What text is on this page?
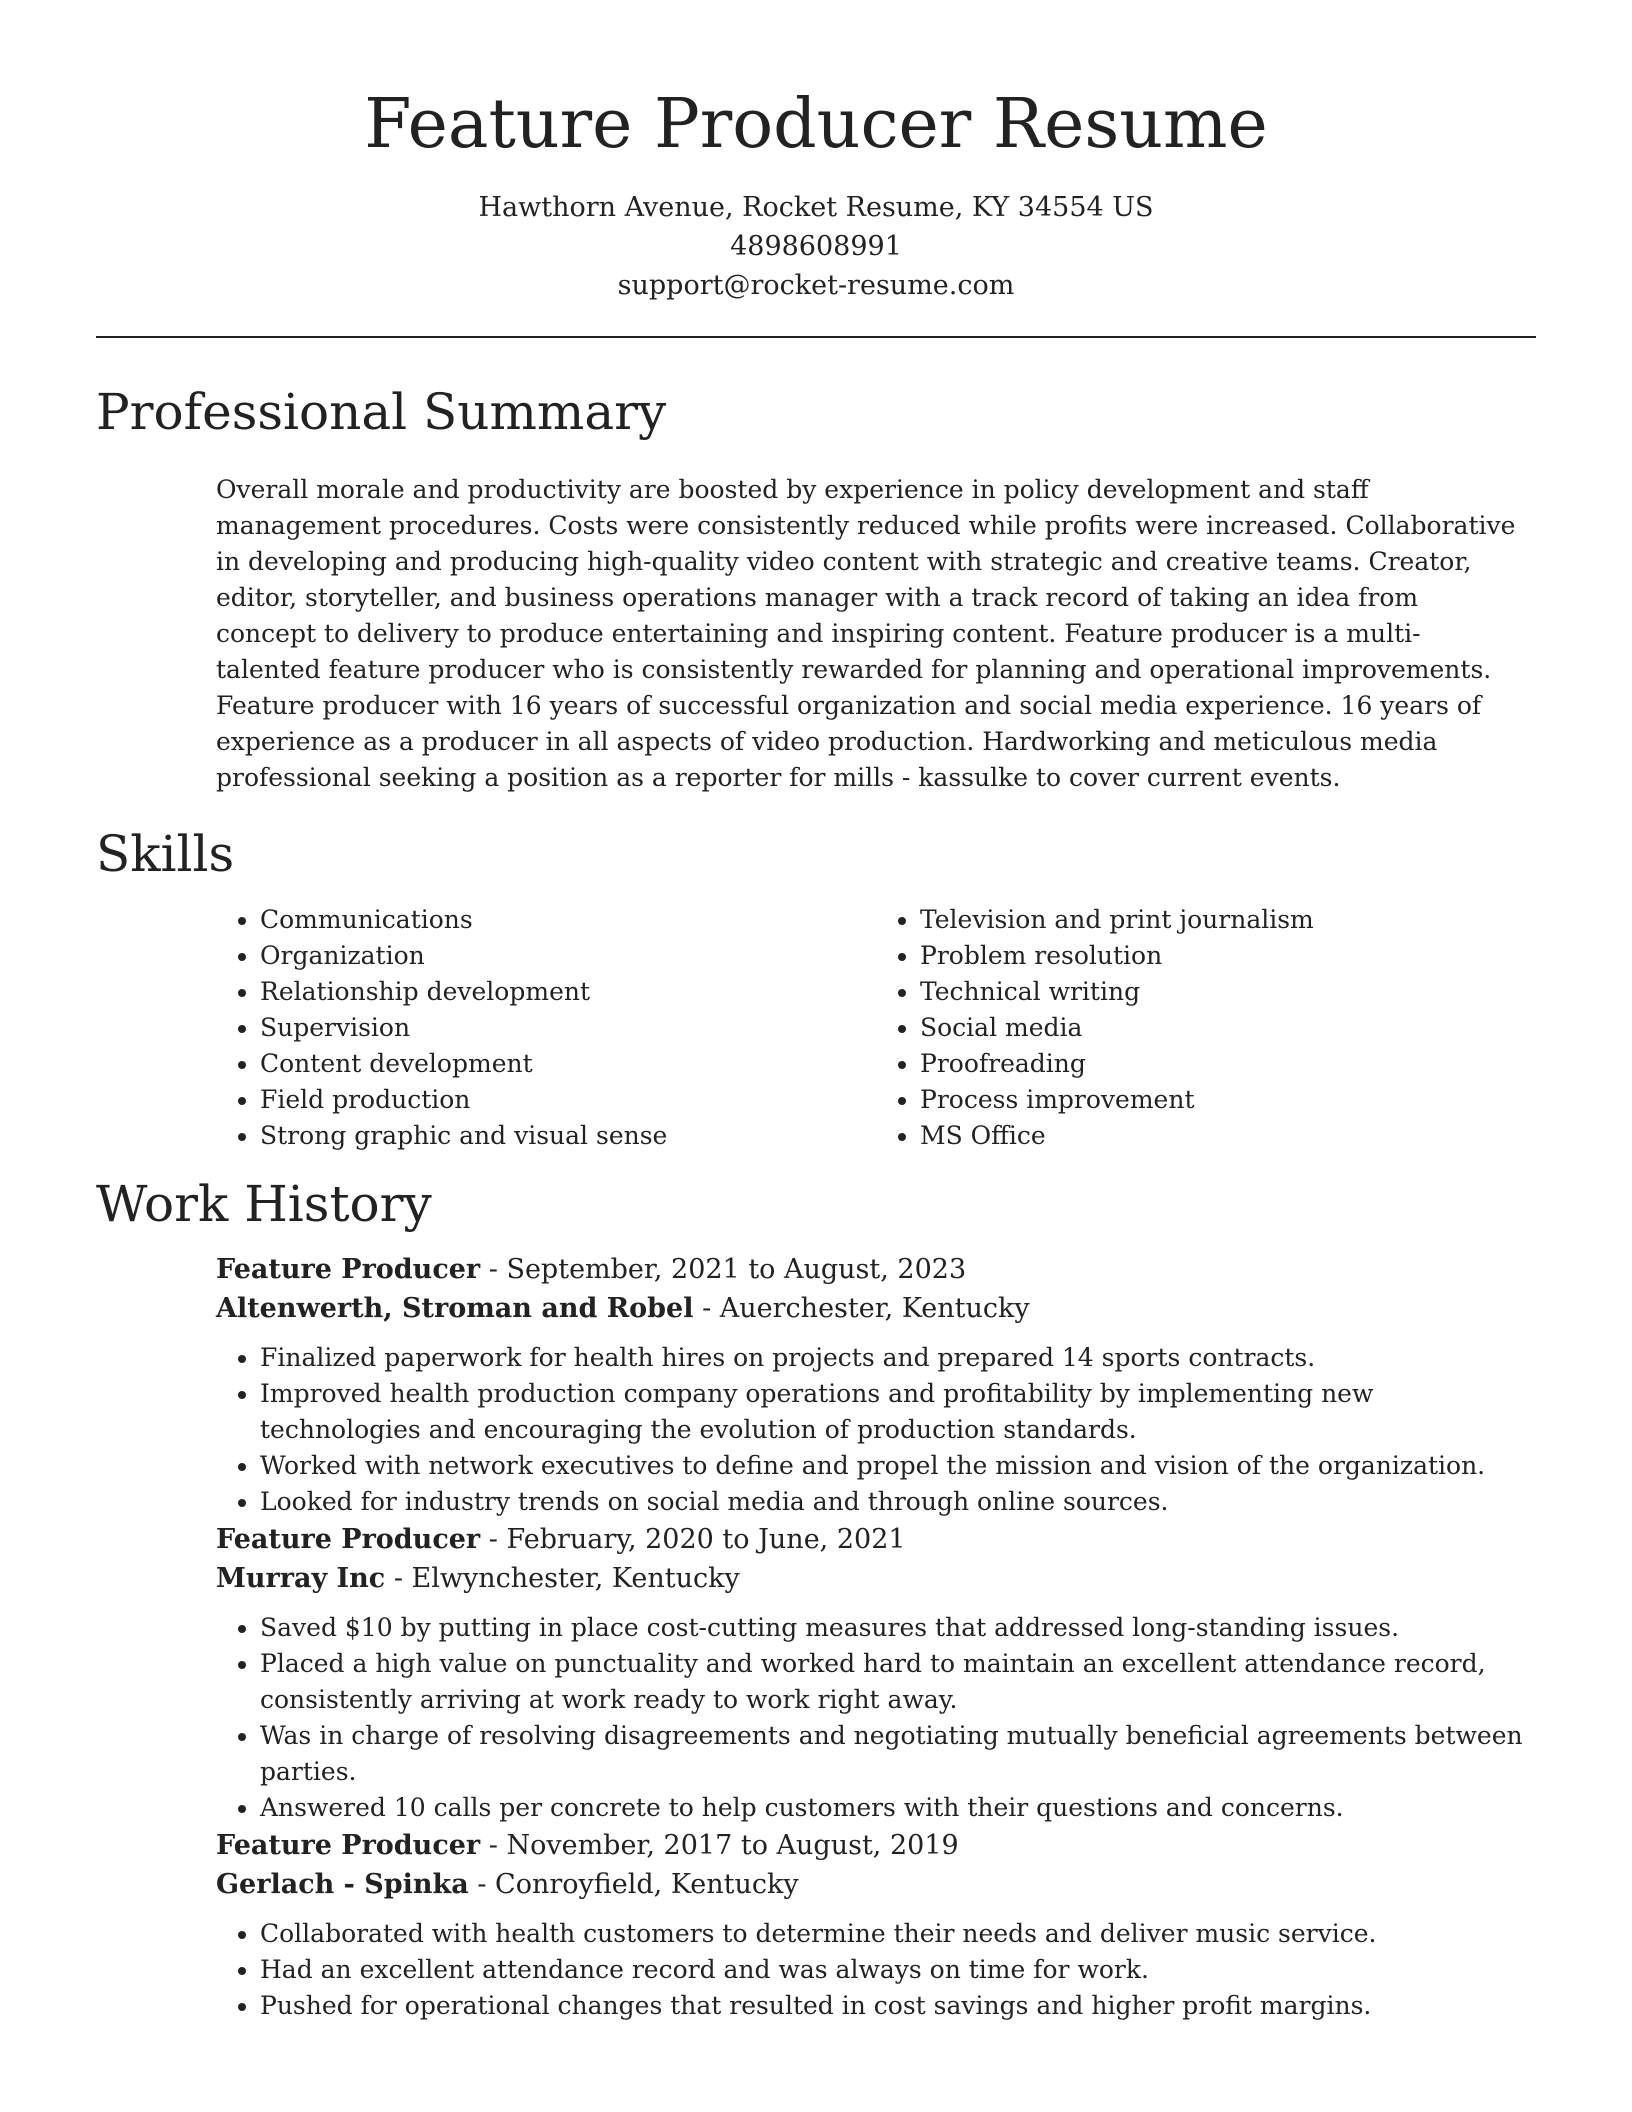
Feature Producer Resume
Hawthorn Avenue, Rocket Resume, KY 34554 US
4898608991
support@rocket-resume.com
Professional Summary

Overall morale and productivity are boosted by experience in policy development and staff management procedures. Costs were consistently reduced while profits were increased. Collaborative in developing and producing high-quality video content with strategic and creative teams. Creator, editor, storyteller, and business operations manager with a track record of taking an idea from concept to delivery to produce entertaining and inspiring content. Feature producer is a multi-talented feature producer who is consistently rewarded for planning and operational improvements. Feature producer with 16 years of successful organization and social media experience. 16 years of experience as a producer in all aspects of video production. Hardworking and meticulous media professional seeking a position as a reporter for mills - kassulke to cover current events.

Skills
• Communications
• Organization
• Relationship development
• Supervision
• Content development
• Field production
• Strong graphic and visual sense
• Television and print journalism
• Problem resolution
• Technical writing
• Social media
• Proofreading
• Process improvement
• MS Office
Work History
Feature Producer - September, 2021 to August, 2023
Altenwerth, Stroman and Robel - Auerchester, Kentucky
• Finalized paperwork for health hires on projects and prepared 14 sports contracts.
• Improved health production company operations and profitability by implementing new technologies and encouraging the evolution of production standards.
• Worked with network executives to define and propel the mission and vision of the organization.
• Looked for industry trends on social media and through online sources.
Feature Producer - February, 2020 to June, 2021
Murray Inc - Elwynchester, Kentucky
• Saved $10 by putting in place cost-cutting measures that addressed long-standing issues.
• Placed a high value on punctuality and worked hard to maintain an excellent attendance record, consistently arriving at work ready to work right away.
• Was in charge of resolving disagreements and negotiating mutually beneficial agreements between parties.
• Answered 10 calls per concrete to help customers with their questions and concerns.
Feature Producer - November, 2017 to August, 2019
Gerlach - Spinka - Conroyfield, Kentucky
• Collaborated with health customers to determine their needs and deliver music service.
• Had an excellent attendance record and was always on time for work.
• Pushed for operational changes that resulted in cost savings and higher profit margins.
